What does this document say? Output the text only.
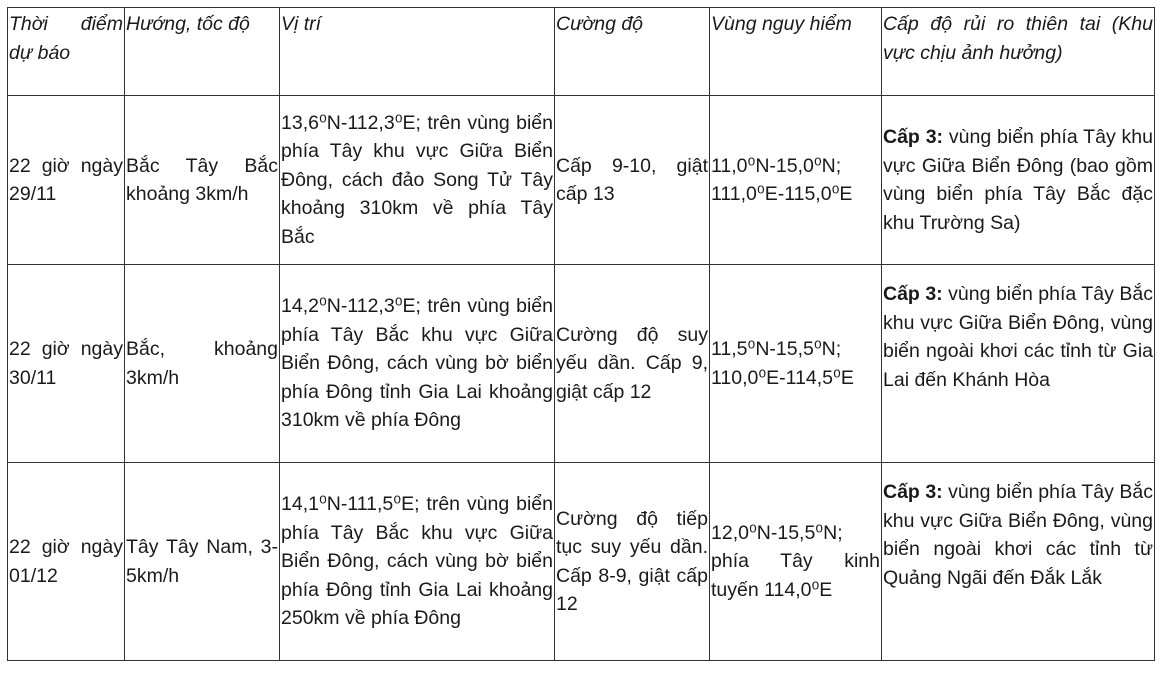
Thời điểm dự báo	Hướng, tốc độ	Vị trí	Cường độ	Vùng nguy hiểm	Cấp độ rủi ro thiên tai (Khu vực chịu ảnh hưởng)
22 giờ ngày 29/11	Bắc Tây Bắc khoảng 3km/h	13,6⁰N-112,3⁰E; trên vùng biển phía Tây khu vực Giữa Biển Đông, cách đảo Song Tử Tây khoảng 310km về phía Tây Bắc	Cấp 9-10, giật cấp 13	11,0⁰N-15,0⁰N; 111,0⁰E-115,0⁰E	Cấp 3: vùng biển phía Tây khu vực Giữa Biển Đông (bao gồm vùng biển phía Tây Bắc đặc khu Trường Sa)
22 giờ ngày 30/11	Bắc, khoảng 3km/h	14,2⁰N-112,3⁰E; trên vùng biển phía Tây Bắc khu vực Giữa Biển Đông, cách vùng bờ biển phía Đông tỉnh Gia Lai khoảng 310km về phía Đông	Cường độ suy yếu dần. Cấp 9, giật cấp 12	11,5⁰N-15,5⁰N; 110,0⁰E-114,5⁰E	Cấp 3: vùng biển phía Tây Bắc khu vực Giữa Biển Đông, vùng biển ngoài khơi các tỉnh từ Gia Lai đến Khánh Hòa
22 giờ ngày 01/12	Tây Tây Nam, 3-5km/h	14,1⁰N-111,5⁰E; trên vùng biển phía Tây Bắc khu vực Giữa Biển Đông, cách vùng bờ biển phía Đông tỉnh Gia Lai khoảng 250km về phía Đông	Cường độ tiếp tục suy yếu dần. Cấp 8-9, giật cấp 12	12,0⁰N-15,5⁰N; phía Tây kinh tuyến 114,0⁰E	Cấp 3: vùng biển phía Tây Bắc khu vực Giữa Biển Đông, vùng biển ngoài khơi các tỉnh từ Quảng Ngãi đến Đắk Lắk
